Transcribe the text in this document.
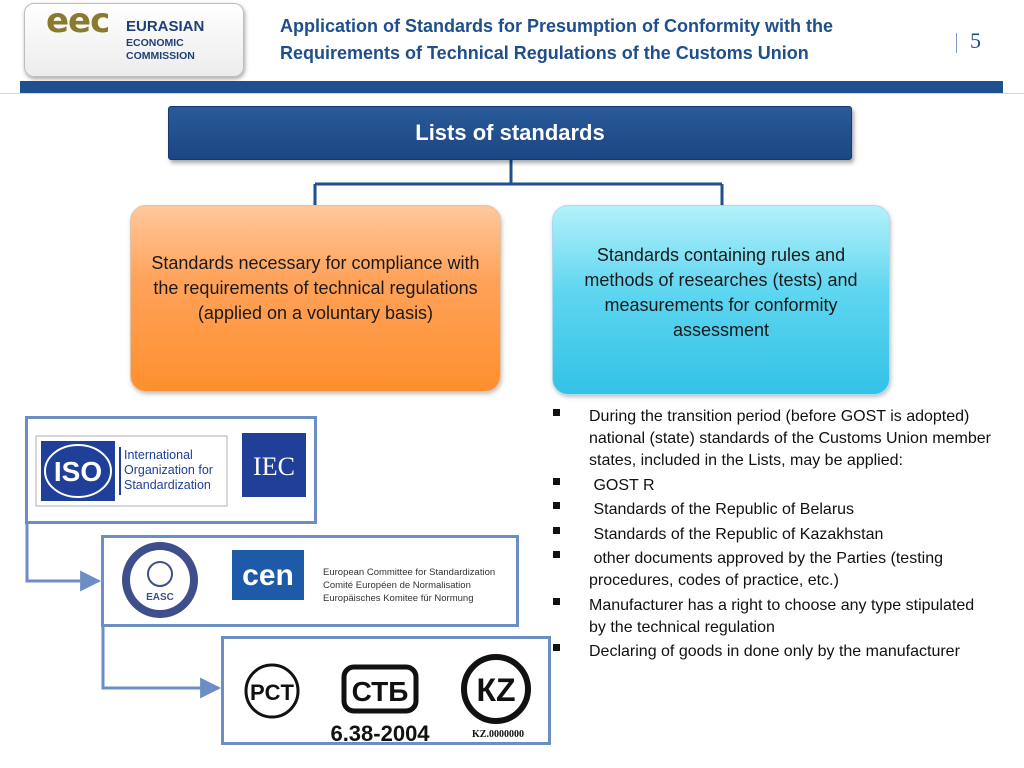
eec EURASIAN
ECONOMIC
COMMISSION
Application of Standards for Presumption of Conformity with the
Requirements of Technical Regulations of the Customs Union	5
Lists of standards
Standards necessary for compliance with the requirements of technical regulations (applied on a voluntary basis)
Standards containing rules and methods of researches (tests) and measurements for conformity assessment
During the transition period (before GOST is adopted) national (state) standards of the Customs Union member states, included in the Lists, may be applied:
GOST R
Standards of the Republic of Belarus
Standards of the Republic of Kazakhstan
other documents approved by the Parties (testing procedures, codes of practice, etc.)
Manufacturer has a right to choose any type stipulated by the technical regulation
Declaring of goods in done only by the manufacturer
ISO
International
Organization for
Standardization
IEC
EASC
cen	European Committee for Standardization
Comité Européen de Normalisation
Europäisches Komitee für Normung
PCT СТБ
6.38-2004
КZ
KZ.0000000
